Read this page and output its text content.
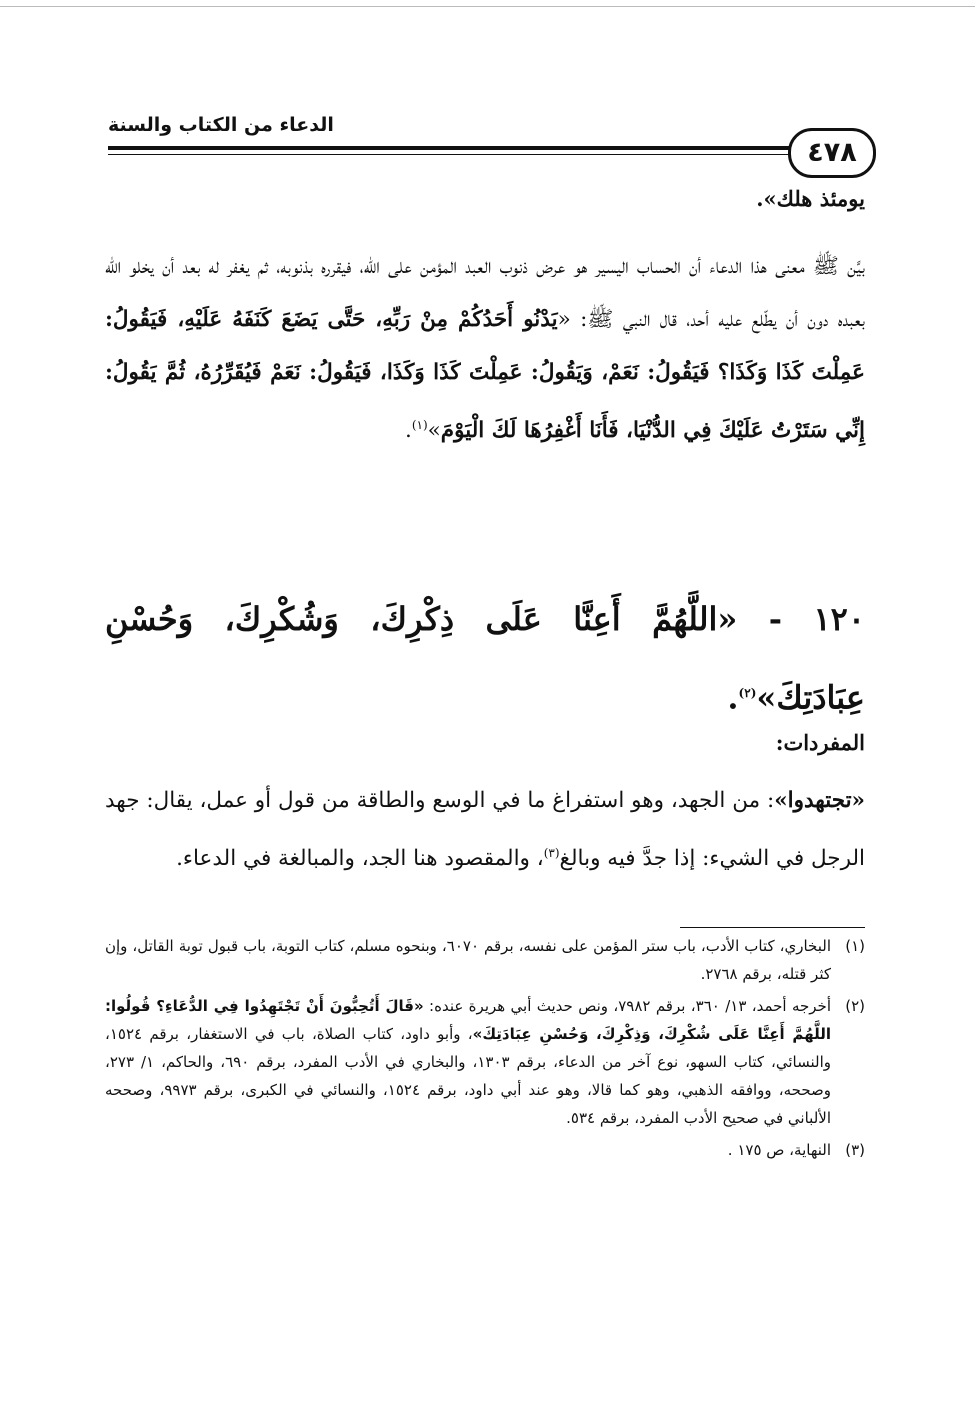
الدعاء من الكتاب والسنة
٤٧٨
يومئذ هلك».
بيَّن ﷺ معنى هذا الدعاء أن الحساب اليسير هو عرض ذنوب العبد المؤمن على الله، فيقرره بذنوبه، ثم يغفر له بعد أن يخلو الله بعبده دون أن يطّلع عليه أحد، قال النبي ﷺ: «يَدْنُو أَحَدُكُمْ مِنْ رَبِّهِ، حَتَّى يَضَعَ كَنَفَهُ عَلَيْهِ، فَيَقُولُ: عَمِلْتَ كَذَا وَكَذَا؟ فَيَقُولُ: نَعَمْ، وَيَقُولُ: عَمِلْتَ كَذَا وَكَذَا، فَيَقُولُ: نَعَمْ فَيُقَرِّرُهُ، ثُمَّ يَقُولُ: إِنِّي سَتَرْتُ عَلَيْكَ فِي الدُّنْيَا، فَأَنَا أَغْفِرُهَا لَكَ الْيَوْمَ»$^{(١)}$.
١٢٠ - «اللَّهُمَّ أَعِنَّا عَلَى ذِكْرِكَ، وَشُكْرِكَ، وَحُسْنِ عِبَادَتِكَ»$^{(٢)}$.
المفردات:
«تجتهدوا»: من الجهد، وهو استفراغ ما في الوسع والطاقة من قول أو عمل، يقال: جهد الرجل في الشيء: إذا جدَّ فيه وبالغ$^{(٣)}$، والمقصود هنا الجد، والمبالغة في الدعاء.
(١)
البخاري، كتاب الأدب، باب ستر المؤمن على نفسه، برقم ٦٠٧٠، وبنحوه مسلم، كتاب التوبة، باب قبول توبة القاتل، وإن كثر قتله، برقم ٢٧٦٨.
(٢)
أخرجه أحمد، ١٣/ ٣٦٠، برقم ٧٩٨٢، ونص حديث أبي هريرة عنده: «قَالَ أَتُحِبُّونَ أَنْ تَجْتَهِدُوا فِي الدُّعَاءِ؟ قُولُوا: اللَّهُمَّ أَعِنَّا عَلَى شُكْرِكَ، وَذِكْرِكَ، وَحُسْنِ عِبَادَتِكَ»، وأبو داود، كتاب الصلاة، باب في الاستغفار، برقم ١٥٢٤، والنسائي، كتاب السهو، نوع آخر من الدعاء، برقم ١٣٠٣، والبخاري في الأدب المفرد، برقم ٦٩٠، والحاكم، ١/ ٢٧٣، وصححه، ووافقه الذهبي، وهو كما قالا، وهو عند أبي داود، برقم ١٥٢٤، والنسائي في الكبرى، برقم ٩٩٧٣، وصححه الألباني في صحيح الأدب المفرد، برقم ٥٣٤.
(٣)
النهاية، ص ١٧٥ .
